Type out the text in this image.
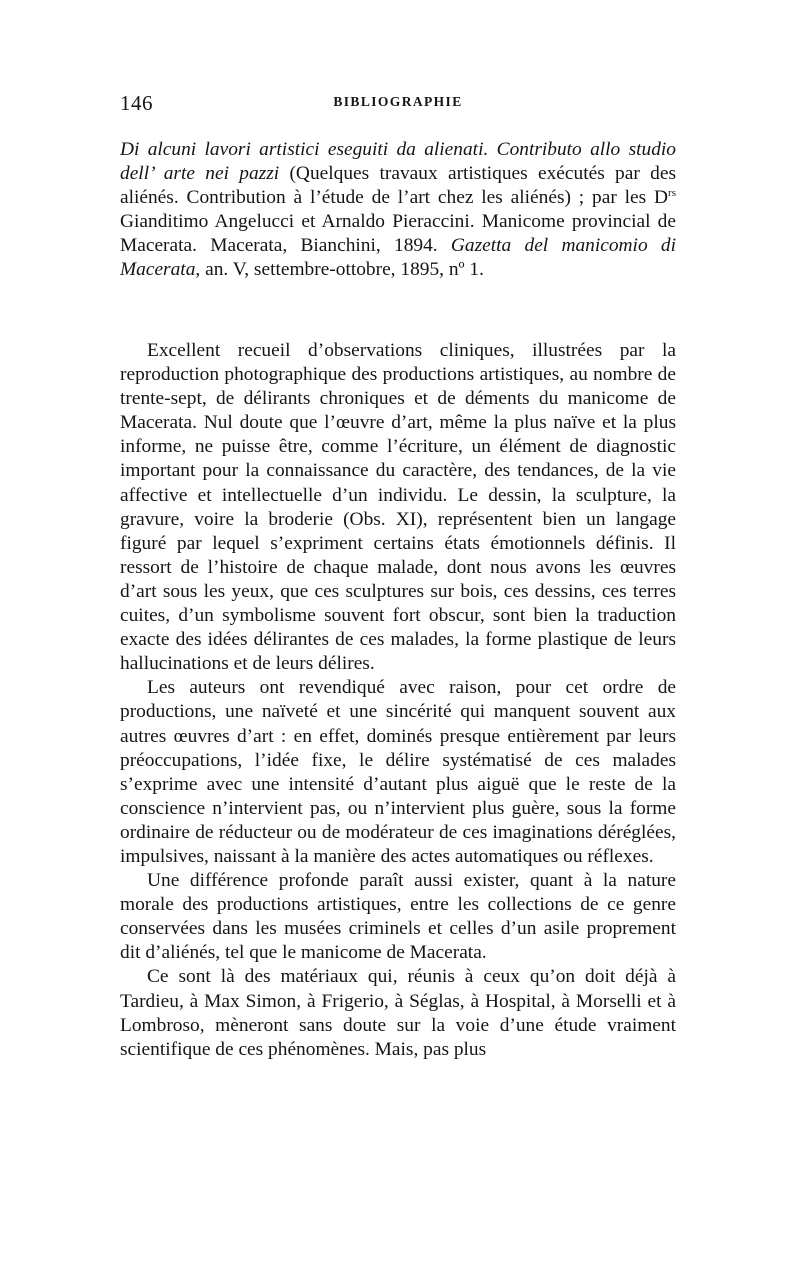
146	BIBLIOGRAPHIE

Di alcuni lavori artistici eseguiti da alienati. Contributo allo studio dell’ arte nei pazzi (Quelques travaux artistiques exécutés par des aliénés. Contribution à l’étude de l’art chez les aliénés) ; par les $D^{rs}$ Gianditimo Angelucci et Arnaldo Pieraccini. Manicome provincial de Macerata. Macerata, Bianchini, 1894. Gazetta del manicomio di Macerata, an. V, settembre-ottobre, 1895, nº 1.

Excellent recueil d’observations cliniques, illustrées par la reproduction photographique des productions artistiques, au nombre de trente-sept, de délirants chroniques et de déments du manicome de Macerata. Nul doute que l’œuvre d’art, même la plus naïve et la plus informe, ne puisse être, comme l’écriture, un élément de diagnostic important pour la connaissance du caractère, des tendances, de la vie affective et intellectuelle d’un individu. Le dessin, la sculpture, la gravure, voire la broderie (Obs. XI), représentent bien un langage figuré par lequel s’expriment certains états émotionnels définis. Il ressort de l’histoire de chaque malade, dont nous avons les œuvres d’art sous les yeux, que ces sculptures sur bois, ces dessins, ces terres cuites, d’un symbolisme souvent fort obscur, sont bien la traduction exacte des idées délirantes de ces malades, la forme plastique de leurs hallucinations et de leurs délires.

Les auteurs ont revendiqué avec raison, pour cet ordre de productions, une naïveté et une sincérité qui manquent souvent aux autres œuvres d’art : en effet, dominés presque entièrement par leurs préoccupations, l’idée fixe, le délire systématisé de ces malades s’exprime avec une intensité d’autant plus aiguë que le reste de la conscience n’intervient pas, ou n’intervient plus guère, sous la forme ordinaire de réducteur ou de modérateur de ces imaginations déréglées, impulsives, naissant à la manière des actes automatiques ou réflexes.

Une différence profonde paraît aussi exister, quant à la nature morale des productions artistiques, entre les collections de ce genre conservées dans les musées criminels et celles d’un asile proprement dit d’aliénés, tel que le manicome de Macerata.

Ce sont là des matériaux qui, réunis à ceux qu’on doit déjà à Tardieu, à Max Simon, à Frigerio, à Séglas, à Hospital, à Morselli et à Lombroso, mèneront sans doute sur la voie d’une étude vraiment scientifique de ces phénomènes. Mais, pas plus
